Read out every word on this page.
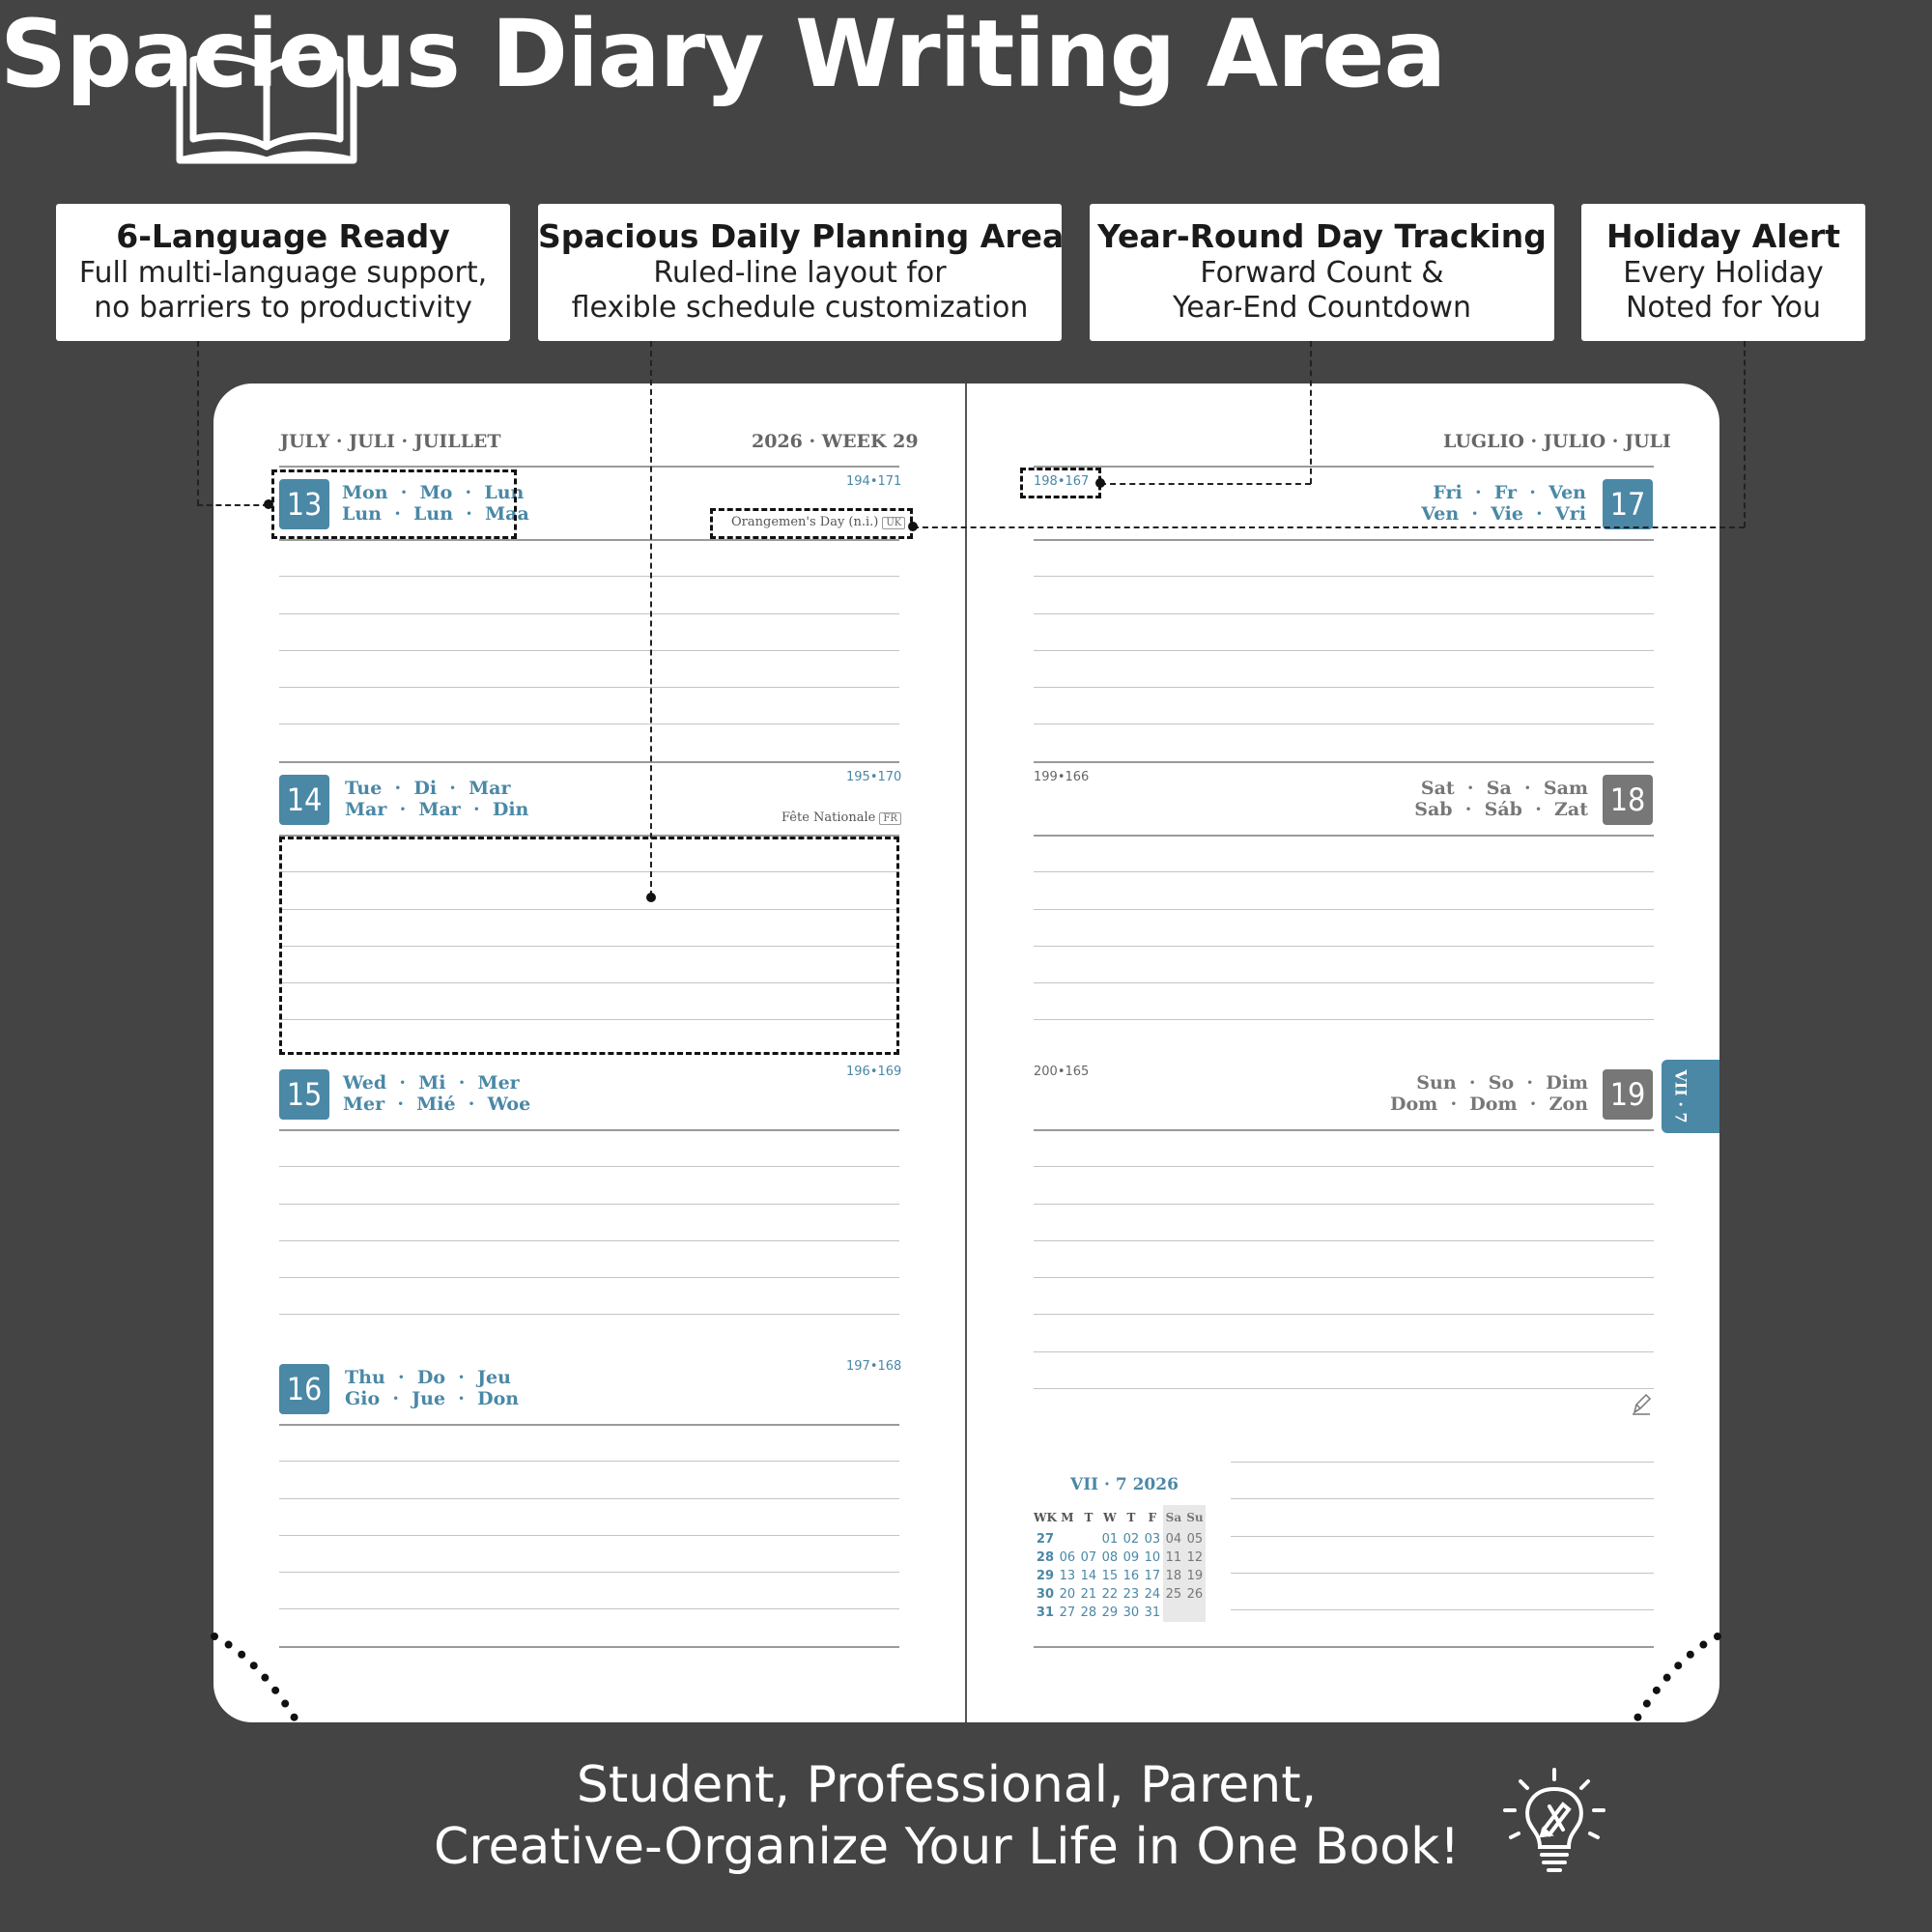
Spacious Diary Writing Area
6-Language Ready
Full multi-language support,
no barriers to productivity
Spacious Daily Planning Area
Ruled-line layout for
flexible schedule customization
Year-Round Day Tracking
Forward Count &
Year-End Countdown
Holiday Alert
Every Holiday
Noted for You
JULY · JULI · JUILLET	2026 · WEEK 29	LUGLIO · JULIO · JULI
13	Mon  ·  Mo  ·  Lun
Lun  ·  Lun  ·  Maa
194•171
Orangemen's Day (n.i.) UK
14	Tue  ·  Di  ·  Mar
Mar  ·  Mar  ·  Din
195•170
Fête Nationale FR
15	Wed  ·  Mi  ·  Mer
Mer  ·  Mié  ·  Woe
196•169
16	Thu  ·  Do  ·  Jeu
Gio  ·  Jue  ·  Don
197•168
17
Fri  ·  Fr  ·  Ven
Ven  ·  Vie  ·  Vri
198•167
18
Sat  ·  Sa  ·  Sam
Sab  ·  Sáb  ·  Zat
199•166
19
Sun  ·  So  ·  Dim
Dom  ·  Dom  ·  Zon
200•165	VII · 7
VII · 7 2026
WK	M	T	W	T	F	Sa	Su
27			01	02	03	04	05
28	06	07	08	09	10	11	12
29	13	14	15	16	17	18	19
30	20	21	22	23	24	25	26
31	27	28	29	30	31		
Student, Professional, Parent,
Creative-Organize Your Life in One Book!
